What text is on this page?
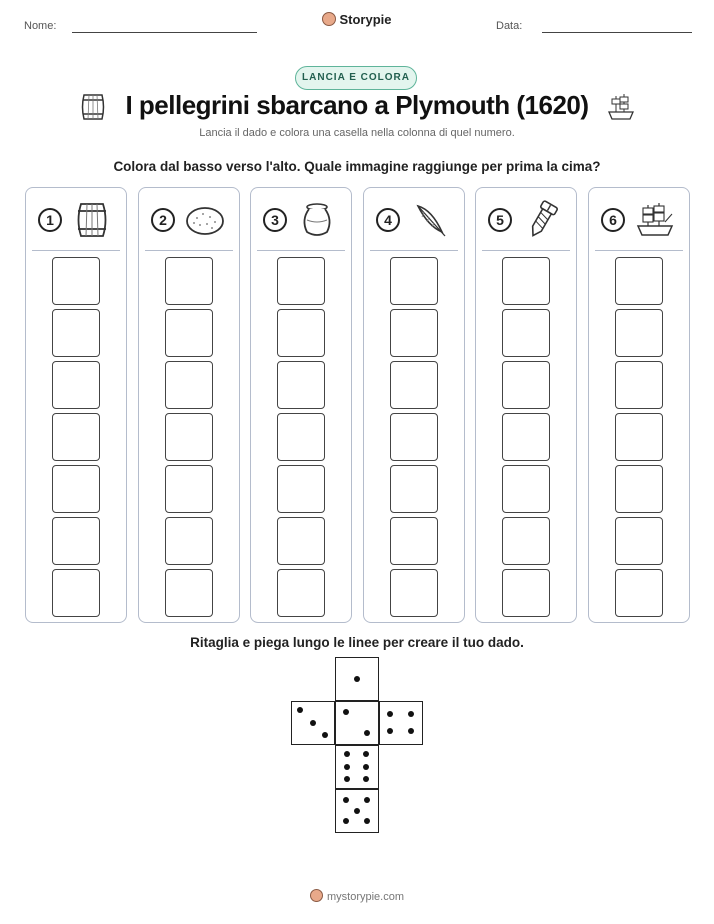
Nome:	Storypie	Data:
LANCIA E COLORA
I pellegrini sbarcano a Plymouth (1620)
Lancia il dado e colora una casella nella colonna di quel numero.
Colora dal basso verso l'alto. Quale immagine raggiunge per prima la cima?
1	2	3	4	5	6
Ritaglia e piega lungo le linee per creare il tuo dado.
mystorypie.com
